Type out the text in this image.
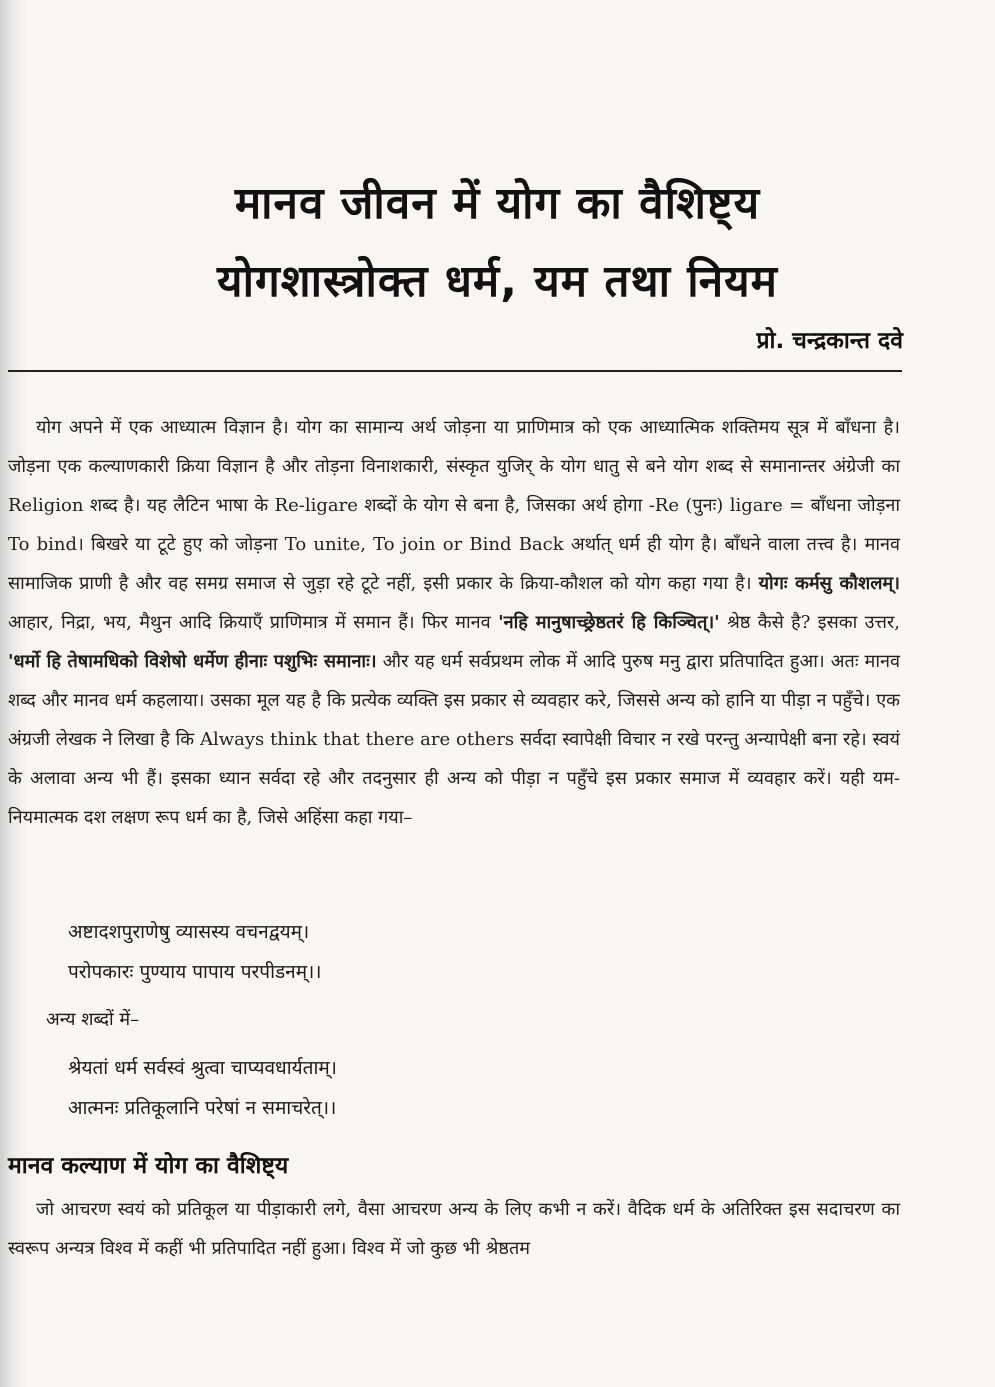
मानव जीवन में योग का वैशिष्ट्य
योगशास्त्रोक्त धर्म, यम तथा नियम
प्रो. चन्द्रकान्त दवे

योग अपने में एक आध्यात्म विज्ञान है। योग का सामान्य अर्थ जोड़ना या प्राणिमात्र को एक आध्यात्मिक शक्तिमय सूत्र में बाँधना है। जोड़ना एक कल्याणकारी क्रिया विज्ञान है और तोड़ना विनाशकारी, संस्कृत युजिर् के योग धातु से बने योग शब्द से समानान्तर अंग्रेजी का Religion शब्द है। यह लैटिन भाषा के Re-ligare शब्दों के योग से बना है, जिसका अर्थ होगा -Re (पुनः) ligare = बाँधना जोड़ना To bind। बिखरे या टूटे हुए को जोड़ना To unite, To join or Bind Back अर्थात् धर्म ही योग है। बाँधने वाला तत्त्व है। मानव सामाजिक प्राणी है और वह समग्र समाज से जुड़ा रहे टूटे नहीं, इसी प्रकार के क्रिया-कौशल को योग कहा गया है। योगः कर्मसु कौशलम्। आहार, निद्रा, भय, मैथुन आदि क्रियाएँ प्राणिमात्र में समान हैं। फिर मानव 'नहि मानुषाच्छ्रेष्ठतरं हि किञ्चित्।' श्रेष्ठ कैसे है? इसका उत्तर, 'धर्मो हि तेषामधिको विशेषो धर्मेण हीनाः पशुभिः समानाः। और यह धर्म सर्वप्रथम लोक में आदि पुरुष मनु द्वारा प्रतिपादित हुआ। अतः मानव शब्द और मानव धर्म कहलाया। उसका मूल यह है कि प्रत्येक व्यक्ति इस प्रकार से व्यवहार करे, जिससे अन्य को हानि या पीड़ा न पहुँचे। एक अंग्रजी लेखक ने लिखा है कि Always think that there are others सर्वदा स्वापेक्षी विचार न रखे परन्तु अन्यापेक्षी बना रहे। स्वयं के अलावा अन्य भी हैं। इसका ध्यान सर्वदा रहे और तदनुसार ही अन्य को पीड़ा न पहुँचे इस प्रकार समाज में व्यवहार करें। यही यम-नियमात्मक दश लक्षण रूप धर्म का है, जिसे अहिंसा कहा गया–

अष्टादशपुराणेषु व्यासस्य वचनद्वयम्।
परोपकारः पुण्याय पापाय परपीडनम्।।
अन्य शब्दों में–
श्रेयतां धर्म सर्वस्वं श्रुत्वा चाप्यवधार्यताम्।
आत्मनः प्रतिकूलानि परेषां न समाचरेत्।।
मानव कल्याण में योग का वैशिष्ट्य

जो आचरण स्वयं को प्रतिकूल या पीड़ाकारी लगे, वैसा आचरण अन्य के लिए कभी न करें। वैदिक धर्म के अतिरिक्त इस सदाचरण का स्वरूप अन्यत्र विश्व में कहीं भी प्रतिपादित नहीं हुआ। विश्व में जो कुछ भी श्रेष्ठतम
